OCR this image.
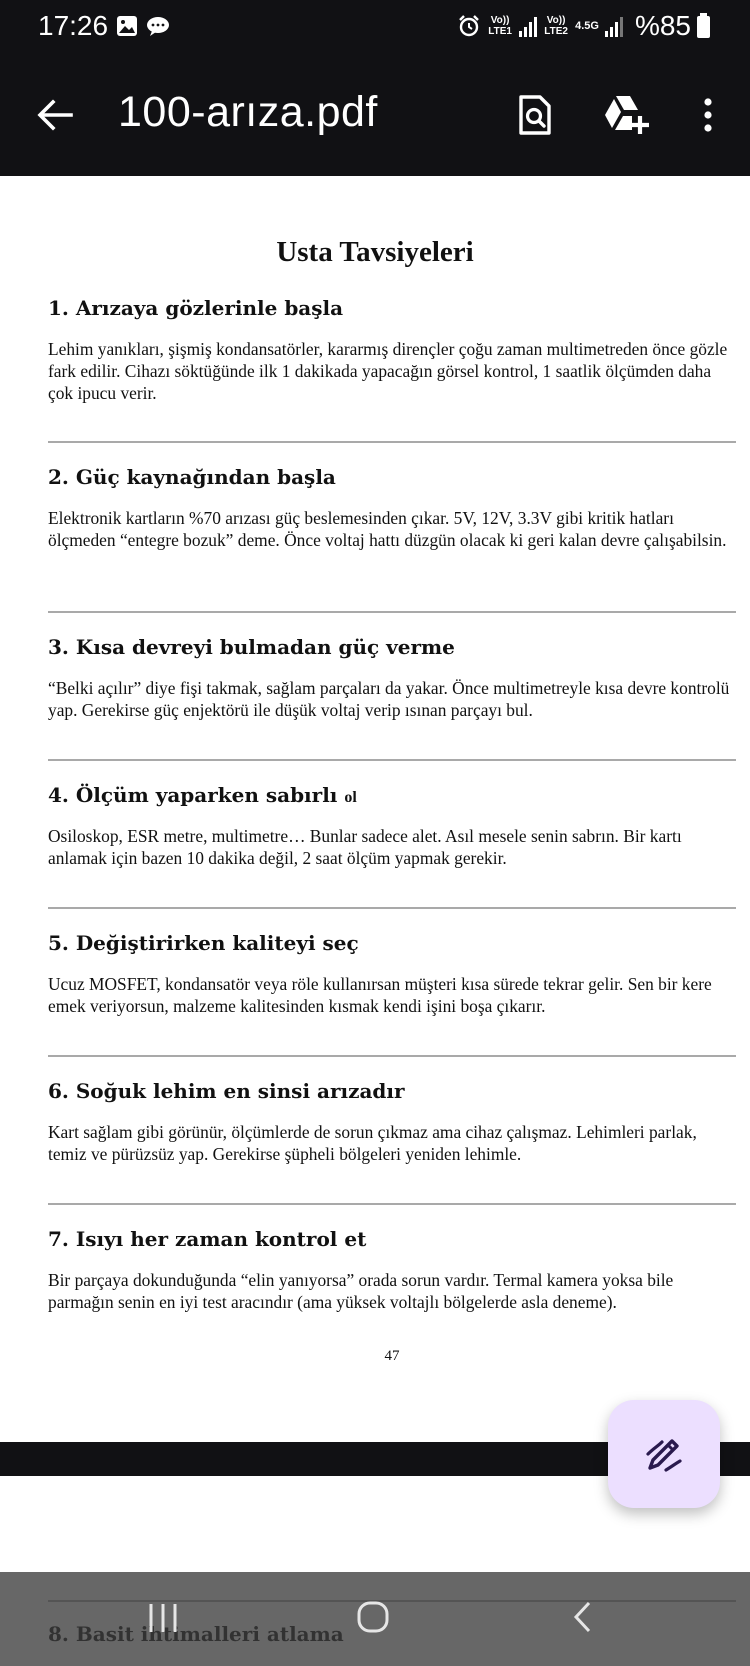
17:26	Vo)) LTE1
Vo)) LTE2 4.5G %85
100-arıza.pdf
Usta Tavsiyeleri
1. Arızaya gözlerinle başla
Lehim yanıkları, şişmiş kondansatörler, kararmış dirençler çoğu zaman multimetreden önce gözle fark edilir. Cihazı söktüğünde ilk 1 dakikada yapacağın görsel kontrol, 1 saatlik ölçümden daha çok ipucu verir.
2. Güç kaynağından başla
Elektronik kartların %70 arızası güç beslemesinden çıkar. 5V, 12V, 3.3V gibi kritik hatları ölçmeden “entegre bozuk” deme. Önce voltaj hattı düzgün olacak ki geri kalan devre çalışabilsin.
3. Kısa devreyi bulmadan güç verme
“Belki açılır” diye fişi takmak, sağlam parçaları da yakar. Önce multimetreyle kısa devre kontrolü yap. Gerekirse güç enjektörü ile düşük voltaj verip ısınan parçayı bul.
4. Ölçüm yaparken sabırlı ol
Osiloskop, ESR metre, multimetre… Bunlar sadece alet. Asıl mesele senin sabrın. Bir kartı anlamak için bazen 10 dakika değil, 2 saat ölçüm yapmak gerekir.
5. Değiştirirken kaliteyi seç
Ucuz MOSFET, kondansatör veya röle kullanırsan müşteri kısa sürede tekrar gelir. Sen bir kere emek veriyorsun, malzeme kalitesinden kısmak kendi işini boşa çıkarır.
6. Soğuk lehim en sinsi arızadır
Kart sağlam gibi görünür, ölçümlerde de sorun çıkmaz ama cihaz çalışmaz. Lehimleri parlak, temiz ve pürüzsüz yap. Gerekirse şüpheli bölgeleri yeniden lehimle.
7. Isıyı her zaman kontrol et
Bir parçaya dokunduğunda “elin yanıyorsa” orada sorun vardır. Termal kamera yoksa bile parmağın senin en iyi test aracındır (ama yüksek voltajlı bölgelerde asla deneme).
47
